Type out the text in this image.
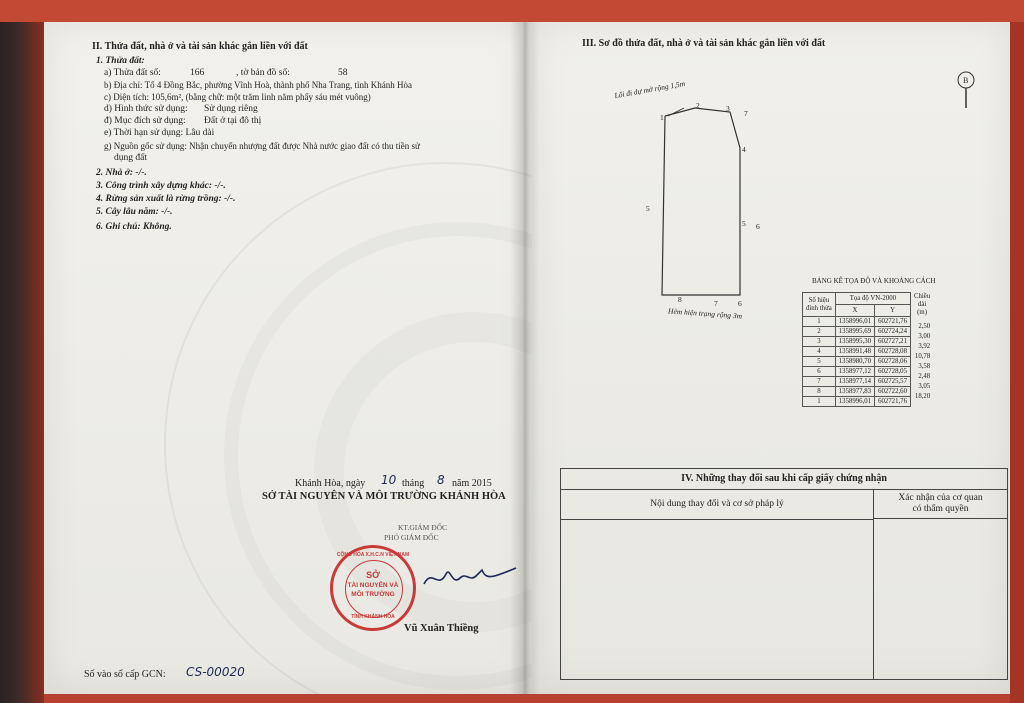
II. Thửa đất, nhà ở và tài sản khác gắn liền với đất
1. Thửa đất:
a) Thửa đất số:	166	, tờ bản đồ số:	58
b) Địa chỉ: Tổ 4 Đồng Bắc, phường Vĩnh Hoà, thành phố Nha Trang, tỉnh Khánh Hòa
c) Diện tích: 105,6m², (bằng chữ: một trăm linh năm phẩy sáu mét vuông)
d) Hình thức sử dụng: Sử dụng riêng
đ) Mục đích sử dụng: Đất ở tại đô thị
e) Thời hạn sử dụng: Lâu dài
g) Nguồn gốc sử dụng: Nhận chuyển nhượng đất được Nhà nước giao đất có thu tiền sử
dụng đất
2. Nhà ở: -/-.
3. Công trình xây dựng khác: -/-.
4. Rừng sản xuất là rừng trồng: -/-.
5. Cây lâu năm: -/-.
6. Ghi chú: Không.
Khánh Hòa, ngày 10 tháng 8 năm 2015
SỞ TÀI NGUYÊN VÀ MÔI TRƯỜNG KHÁNH HÒA
KT.GIÁM ĐỐC
PHÓ GIÁM ĐỐC
CỘNG HÒA X.H.C.N VIỆT NAM
SỞ
TÀI NGUYÊN VÀ
MÔI TRƯỜNG
TỈNH KHÁNH HÒA
Vũ Xuân Thiềng
Số vào sổ cấp GCN: CS-00020
III. Sơ đồ thửa đất, nhà ở và tài sản khác gắn liền với đất
Lối đi dự mở rộng 1,5m
1
2	3
4
5
6
7
8
5
6
7
Hẻm hiện trạng rộng 3m
B
BẢNG KÊ TỌA ĐỘ VÀ KHOẢNG CÁCH
Số hiệu
đỉnh thửa	Tọa độ VN-2000		Chiều
dài
(m)
	X	Y	
1	1358996,01	602721,76	
2	1358995,69	602724,24	2,50
3	1358995,30	602727,21	3,00
4	1358991,48	602728,08	3,92
5	1358980,70	602728,06	10,78
6	1358977,12	602728,05	3,58
7	1358977,14	602725,57	2,48
8	1358977,83	602722,60	3,05
1	1358996,01	602721,76	18,20
IV. Những thay đổi sau khi cấp giấy chứng nhận
Nội dung thay đổi và cơ sở pháp lý
Xác nhận của cơ quan
có thẩm quyền
